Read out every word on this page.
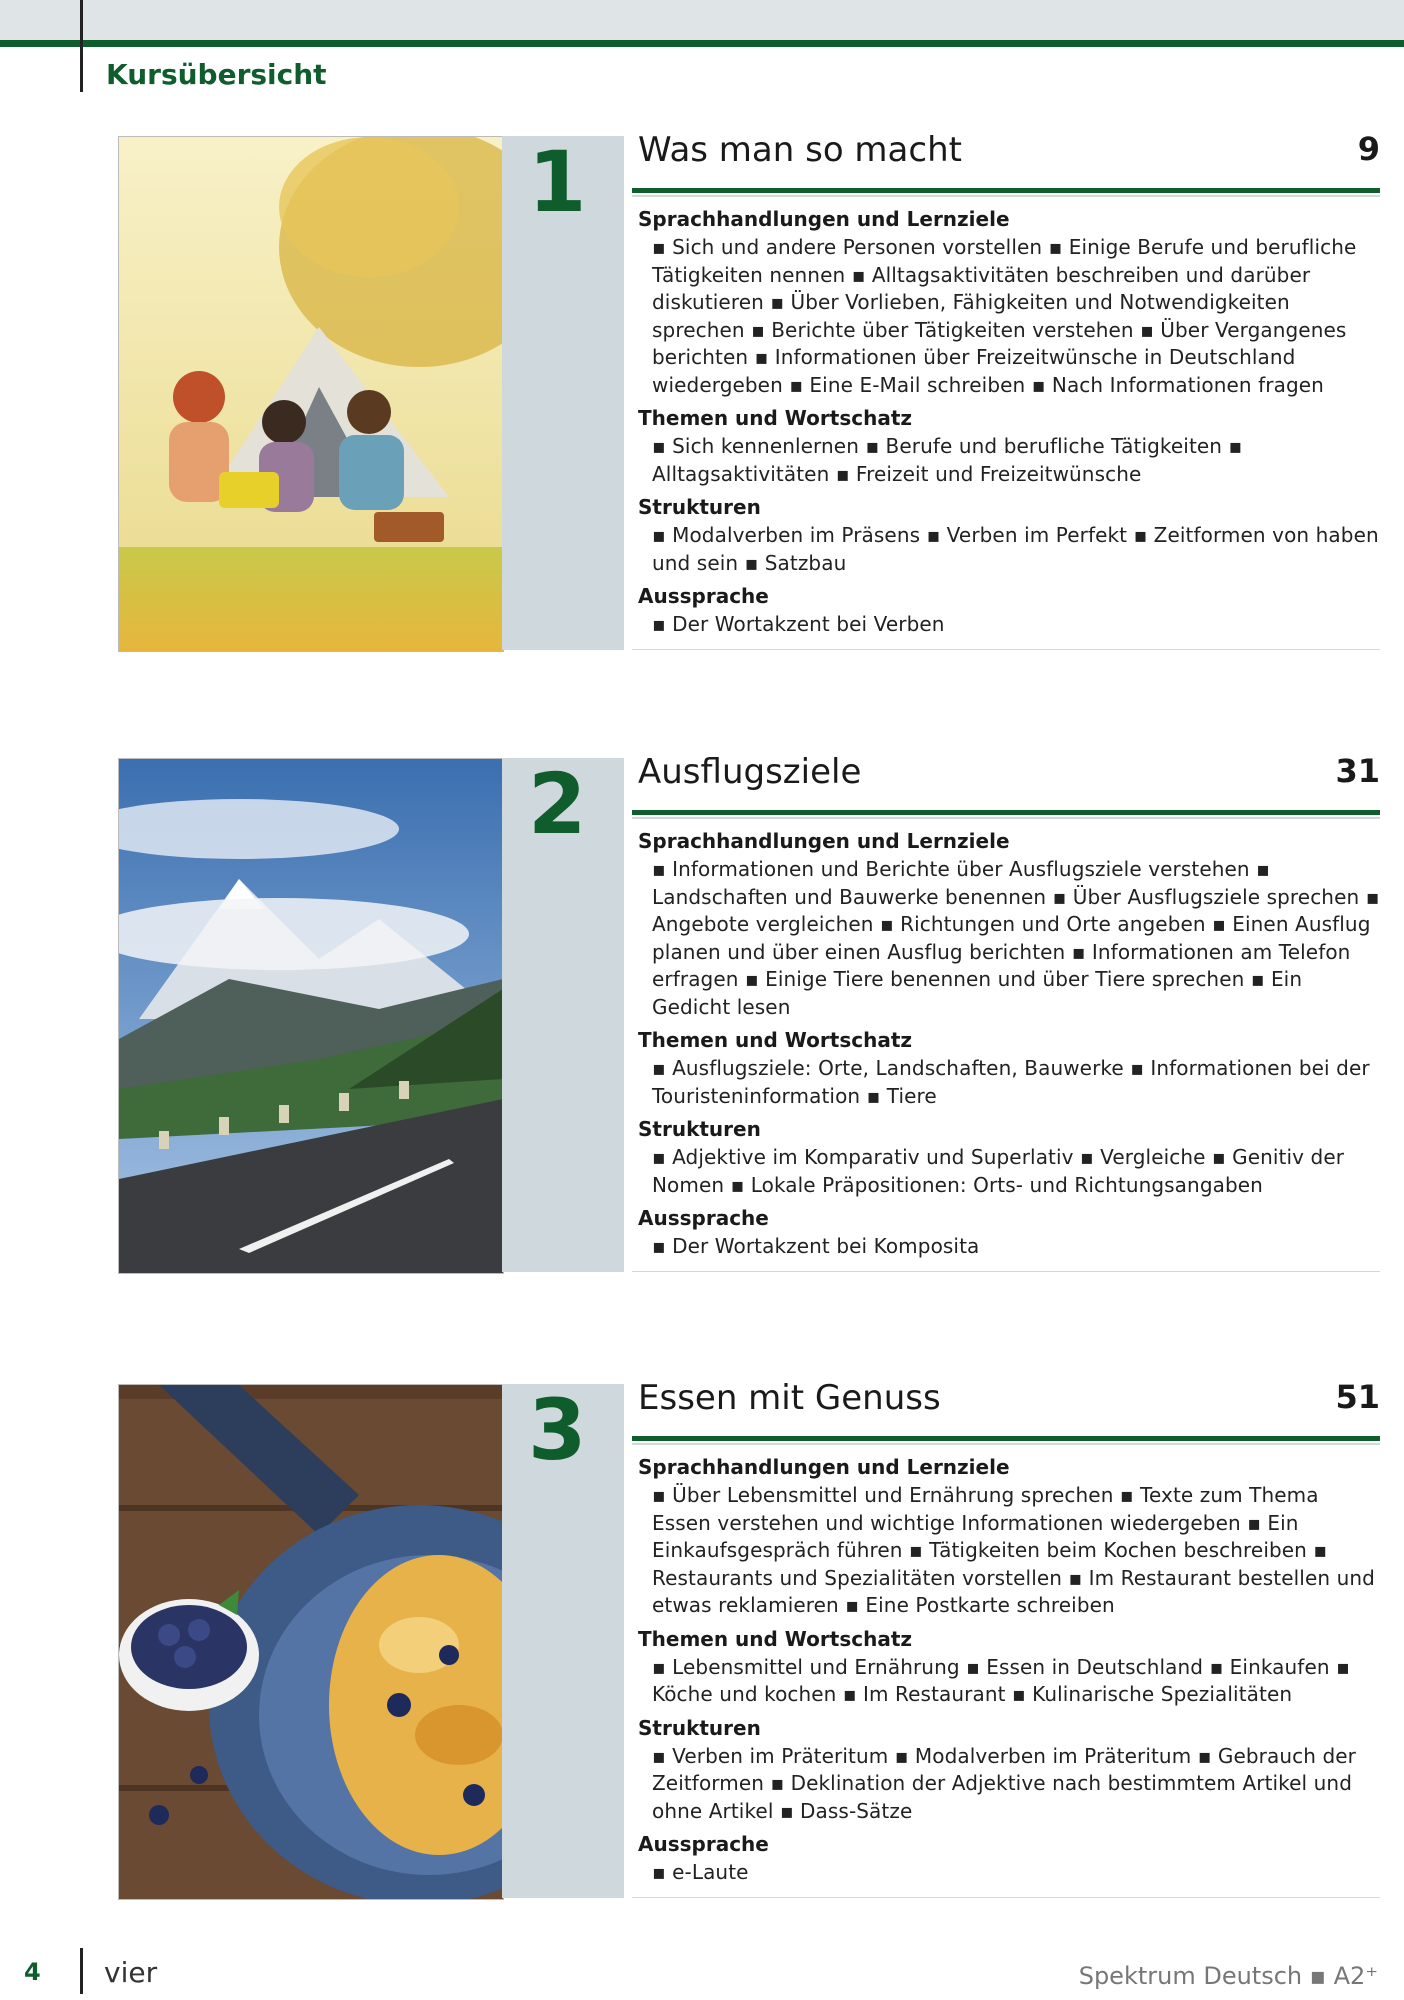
Kursübersicht
1 Was man so macht	9
Sprachhandlungen und Lernziele
▪ Sich und andere Personen vorstellen ▪ Einige Berufe und berufliche Tätigkeiten nennen ▪ Alltagsaktivitäten beschreiben und darüber diskutieren ▪ Über Vorlieben, Fähigkeiten und Notwendigkeiten sprechen ▪ Berichte über Tätigkeiten verstehen ▪ Über Vergangenes berichten ▪ Informationen über Freizeitwünsche in Deutschland wiedergeben ▪ Eine E-Mail schreiben ▪ Nach Informationen fragen
Themen und Wortschatz
▪ Sich kennenlernen ▪ Berufe und berufliche Tätigkeiten ▪ Alltagsaktivitäten ▪ Freizeit und Freizeitwünsche
Strukturen
▪ Modalverben im Präsens ▪ Verben im Perfekt ▪ Zeitformen von haben und sein ▪ Satzbau
Aussprache
▪ Der Wortakzent bei Verben
2 Ausflugsziele	31
Sprachhandlungen und Lernziele
▪ Informationen und Berichte über Ausflugsziele verstehen ▪ Landschaften und Bauwerke benennen ▪ Über Ausflugsziele sprechen ▪ Angebote vergleichen ▪ Richtungen und Orte angeben ▪ Einen Ausflug planen und über einen Ausflug berichten ▪ Informationen am Telefon erfragen ▪ Einige Tiere benennen und über Tiere sprechen ▪ Ein Gedicht lesen
Themen und Wortschatz
▪ Ausflugsziele: Orte, Landschaften, Bauwerke ▪ Informationen bei der Touristeninformation ▪ Tiere
Strukturen
▪ Adjektive im Komparativ und Superlativ ▪ Vergleiche ▪ Genitiv der Nomen ▪ Lokale Präpositionen: Orts- und Richtungsangaben
Aussprache
▪ Der Wortakzent bei Komposita
3 Essen mit Genuss	51
Sprachhandlungen und Lernziele
▪ Über Lebensmittel und Ernährung sprechen ▪ Texte zum Thema Essen verstehen und wichtige Informationen wiedergeben ▪ Ein Einkaufsgespräch führen ▪ Tätigkeiten beim Kochen beschreiben ▪ Restaurants und Spezialitäten vorstellen ▪ Im Restaurant bestellen und etwas reklamieren ▪ Eine Postkarte schreiben
Themen und Wortschatz
▪ Lebensmittel und Ernährung ▪ Essen in Deutschland ▪ Einkaufen ▪ Köche und kochen ▪ Im Restaurant ▪ Kulinarische Spezialitäten
Strukturen
▪ Verben im Präteritum ▪ Modalverben im Präteritum ▪ Gebrauch der Zeitformen ▪ Deklination der Adjektive nach bestimmtem Artikel und ohne Artikel ▪ Dass-Sätze
Aussprache
▪ e-Laute
4 vier	Spektrum Deutsch ▪ A2⁺
